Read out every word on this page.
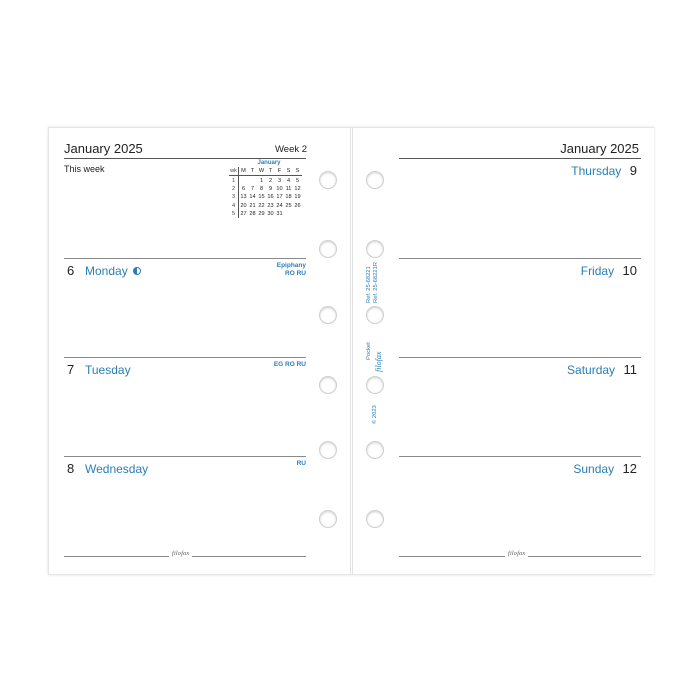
January 2025	Week 2
This week
January
wk	M	T	W	T	F	S	S
1			1	2	3	4	5
2	6	7	8	9	10	11	12
3	13	14	15	16	17	18	19
4	20	21	22	23	24	25	26
5	27	28	29	30	31		
6 Monday	Epiphany
RO RU
7 Tuesday	EG RO RU
8 Wednesday	RU
filofax
Ref. 25-68221 Ref. 25-68221R
Pocket
filofax
© 2023
January 2025
Thursday 9
Friday 10
Saturday 11
Sunday 12
filofax
